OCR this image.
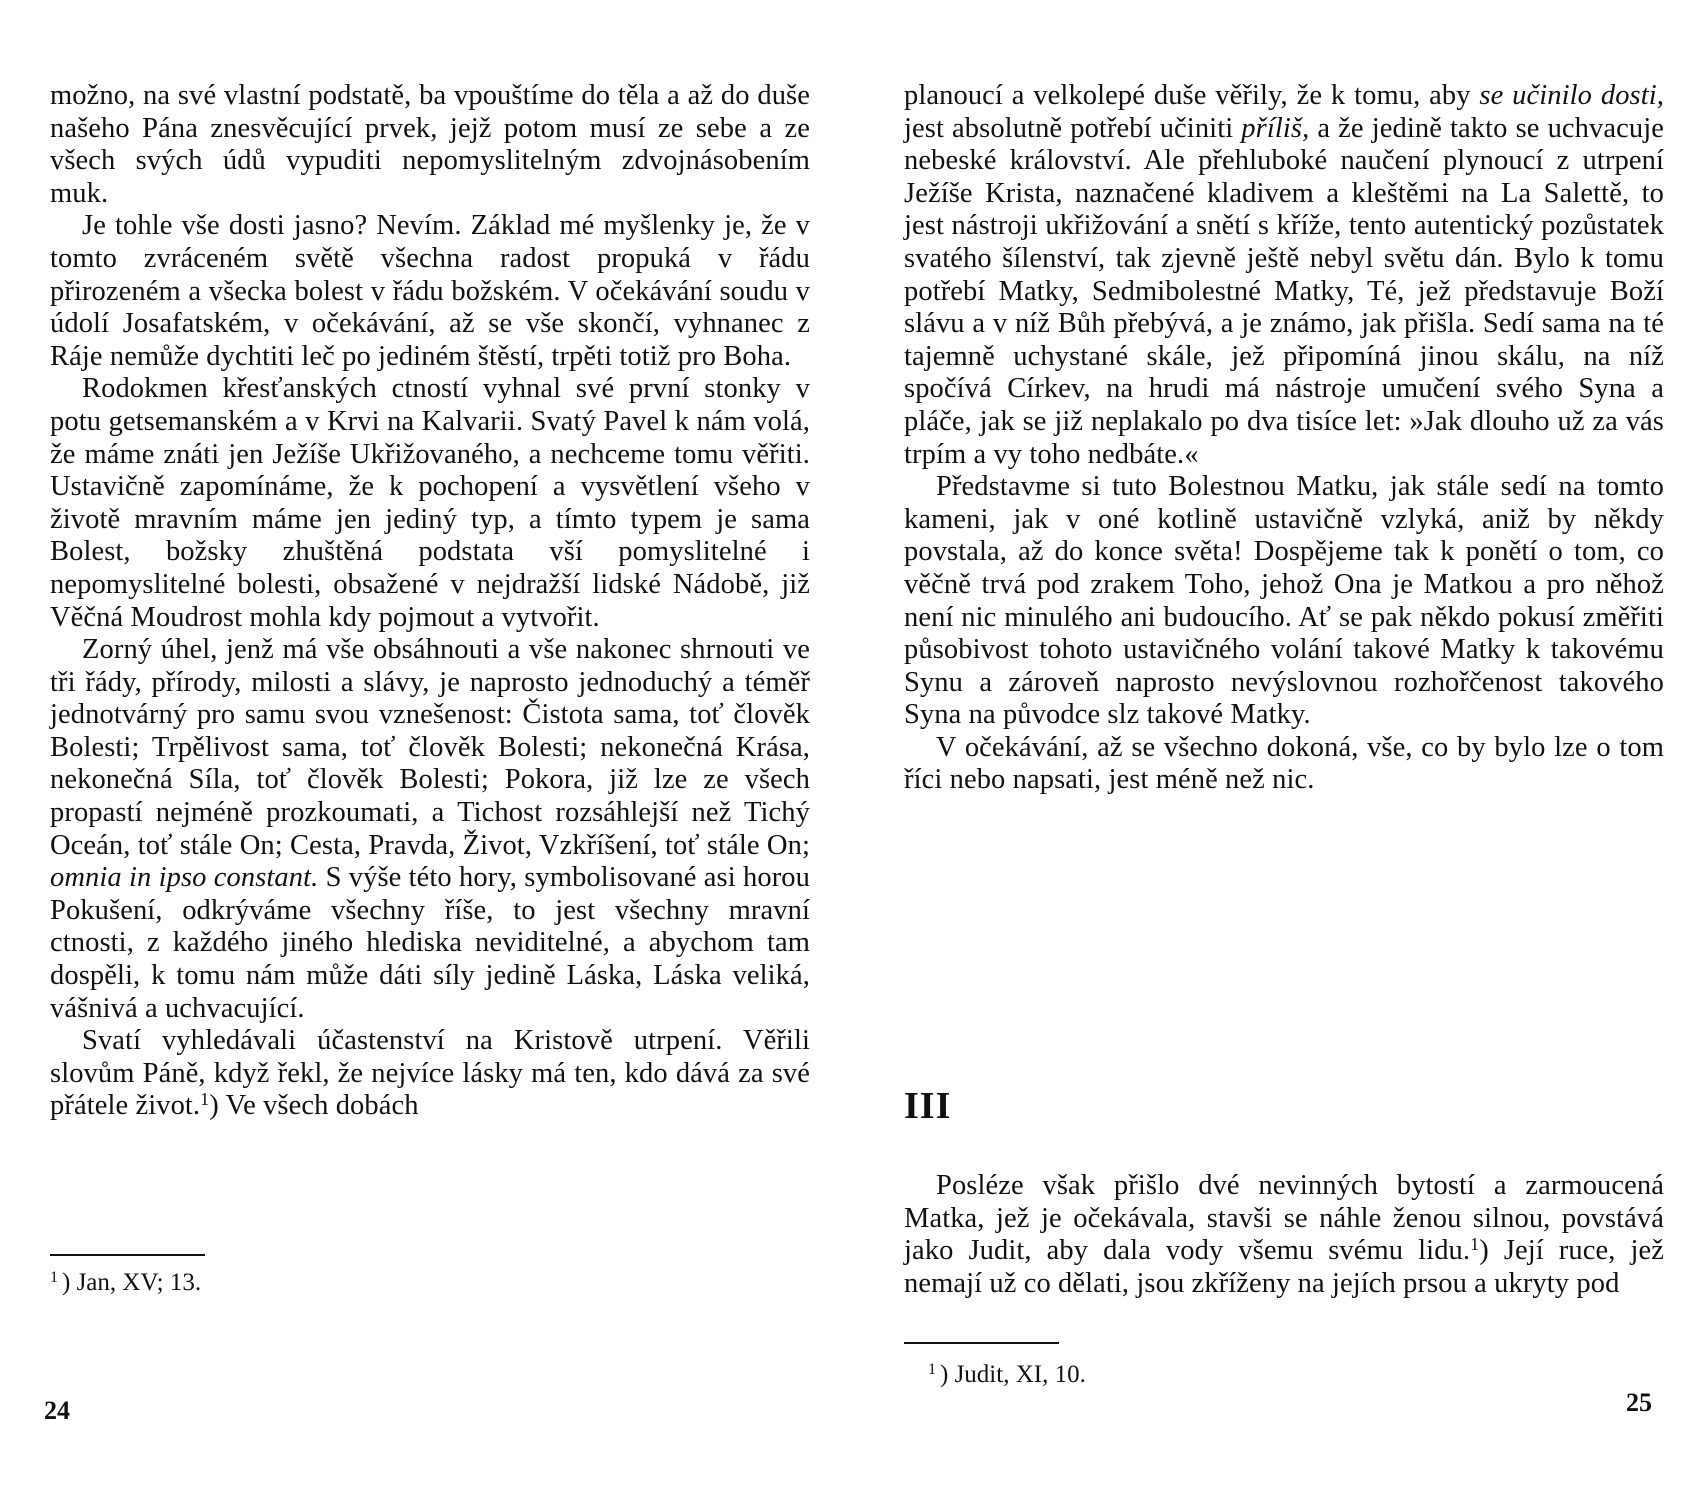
možno, na své vlastní podstatě, ba vpouštíme do těla a až do duše našeho Pána znesvěcující prvek, jejž potom musí ze sebe a ze všech svých údů vypuditi nepomyslitelným zdvojnásobením muk.

Je tohle vše dosti jasno? Nevím. Základ mé myšlenky je, že v tomto zvráceném světě všechna radost propuká v řádu přirozeném a všecka bolest v řádu božském. V očekávání soudu v údolí Josafatském, v očekávání, až se vše skončí, vyhnanec z Ráje nemůže dychtiti leč po jediném štěstí, trpěti totiž pro Boha.

Rodokmen křesťanských ctností vyhnal své první stonky v potu getsemanském a v Krvi na Kalvarii. Svatý Pavel k nám volá, že máme znáti jen Ježíše Ukřižovaného, a nechceme tomu věřiti. Ustavičně zapomínáme, že k pochopení a vysvětlení všeho v životě mravním máme jen jediný typ, a tímto typem je sama Bolest, božsky zhuštěná podstata vší pomyslitelné i nepomyslitelné bolesti, obsažené v nejdražší lidské Nádobě, již Věčná Moudrost mohla kdy pojmout a vytvořit.

Zorný úhel, jenž má vše obsáhnouti a vše nakonec shrnouti ve tři řády, přírody, milosti a slávy, je naprosto jednoduchý a téměř jednotvárný pro samu svou vznešenost: Čistota sama, toť člověk Bolesti; Trpělivost sama, toť člověk Bolesti; nekonečná Krása, nekonečná Síla, toť člověk Bolesti; Pokora, již lze ze všech propastí nejméně prozkoumati, a Tichost rozsáhlejší než Tichý Oceán, toť stále On; Cesta, Pravda, Život, Vzkříšení, toť stále On; omnia in ipso constant. S výše této hory, symbolisované asi horou Pokušení, odkrýváme všechny říše, to jest všechny mravní ctnosti, z každého jiného hlediska neviditelné, a abychom tam dospěli, k tomu nám může dáti síly jedině Láska, Láska veliká, vášnivá a uchvacující.

Svatí vyhledávali účastenství na Kristově utrpení. Věřili slovům Páně, když řekl, že nejvíce lásky má ten, kdo dává za své přátele život.$^1$) Ve všech dobách

$^1$ ) Jan, XV; 13.
24

planoucí a velkolepé duše věřily, že k tomu, aby se učinilo dosti, jest absolutně potřebí učiniti příliš, a že jedině takto se uchvacuje nebeské království. Ale přehluboké naučení plynoucí z utrpení Ježíše Krista, naznačené kladivem a kleštěmi na La Salettě, to jest nástroji ukřižování a snětí s kříže, tento autentický pozůstatek svatého šílenství, tak zjevně ještě nebyl světu dán. Bylo k tomu potřebí Matky, Sedmibolestné Matky, Té, jež představuje Boží slávu a v níž Bůh přebývá, a je známo, jak přišla. Sedí sama na té tajemně uchystané skále, jež připomíná jinou skálu, na níž spočívá Církev, na hrudi má nástroje umučení svého Syna a pláče, jak se již neplakalo po dva tisíce let: »Jak dlouho už za vás trpím a vy toho nedbáte.«

Představme si tuto Bolestnou Matku, jak stále sedí na tomto kameni, jak v oné kotlině ustavičně vzlyká, aniž by někdy povstala, až do konce světa! Dospějeme tak k ponětí o tom, co věčně trvá pod zrakem Toho, jehož Ona je Matkou a pro něhož není nic minulého ani budoucího. Ať se pak někdo pokusí změřiti působivost tohoto ustavičného volání takové Matky k takovému Synu a zároveň naprosto nevýslovnou rozhořčenost takového Syna na původce slz takové Matky.

V očekávání, až se všechno dokoná, vše, co by bylo lze o tom říci nebo napsati, jest méně než nic.

III

Posléze však přišlo dvé nevinných bytostí a zarmoucená Matka, jež je očekávala, stavši se náhle ženou silnou, povstává jako Judit, aby dala vody všemu svému lidu.$^1$) Její ruce, jež nemají už co dělati, jsou zkříženy na jejích prsou a ukryty pod

$^1$ ) Judit, XI, 10.
25
